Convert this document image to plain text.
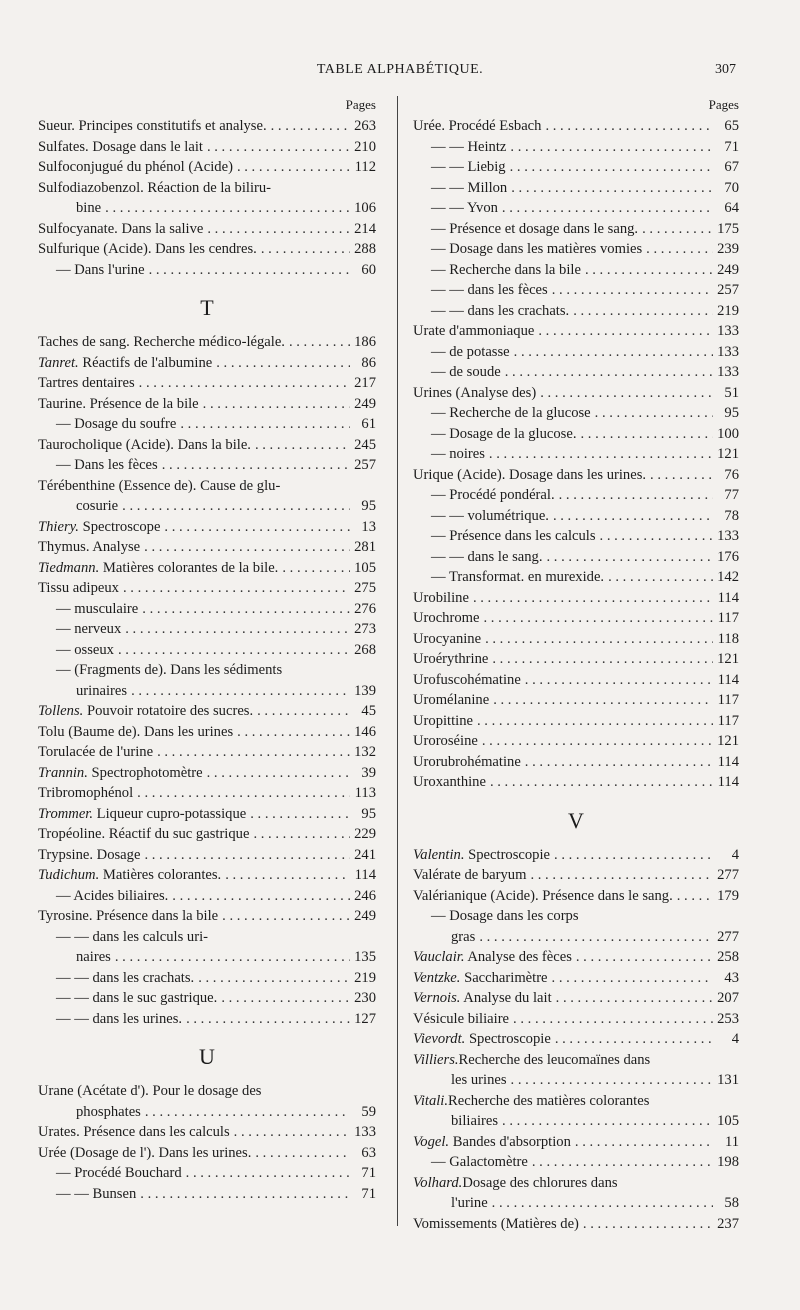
TABLE ALPHABÉTIQUE.	307
Pages
Sueur. Principes constitutifs et analyse. . . .	263
Sulfates. Dosage dans le lait . . .	210
Sulfoconjugué du phénol (Acide) . . .	112
Sulfodiazobenzol. Réaction de la biliru-
bine . . .	106
Sulfocyanate. Dans la salive . . .	214
Sulfurique (Acide). Dans les cendres. . . .	288
— Dans l'urine . . .	60
T
Taches de sang. Recherche médico-légale. . . .	186
Tanret. Réactifs de l'albumine . . .	86
Tartres dentaires . . .	217
Taurine. Présence de la bile . . .	249
— Dosage du soufre . . .	61
Taurocholique (Acide). Dans la bile. . . .	245
— Dans les fèces . . .	257
Térébenthine (Essence de). Cause de glu-
cosurie . . .	95
Thiery. Spectroscope . . .	13
Thymus. Analyse . . .	281
Tiedmann. Matières colorantes de la bile. . . .	105
Tissu adipeux . . .	275
— musculaire . . .	276
— nerveux . . .	273
— osseux . . .	268
— (Fragments de). Dans les sédiments
urinaires . . .	139
Tollens. Pouvoir rotatoire des sucres. . . .	45
Tolu (Baume de). Dans les urines . . .	146
Torulacée de l'urine . . .	132
Trannin. Spectrophotomètre . . .	39
Tribromophénol . . .	113
Trommer. Liqueur cupro-potassique . . .	95
Tropéoline. Réactif du suc gastrique . . .	229
Trypsine. Dosage . . .	241
Tudichum. Matières colorantes. . . .	114
— Acides biliaires. . . .	246
Tyrosine. Présence dans la bile . . .	249
— — dans les calculs uri-
naires . . .	135
— — dans les crachats. . . .	219
— — dans le suc gastrique. . . .	230
— — dans les urines. . . .	127
U
Urane (Acétate d'). Pour le dosage des
phosphates . . .	59
Urates. Présence dans les calculs . . .	133
Urée (Dosage de l'). Dans les urines. . . .	63
— Procédé Bouchard . . .	71
— — Bunsen . . .	71
Pages
Urée. Procédé Esbach . . .	65
— — Heintz . . .	71
— — Liebig . . .	67
— — Millon . . .	70
— — Yvon . . .	64
— Présence et dosage dans le sang. . . .	175
— Dosage dans les matières vomies . . .	239
— Recherche dans la bile . . .	249
— — dans les fèces . . .	257
— — dans les crachats. . . .	219
Urate d'ammoniaque . . .	133
— de potasse . . .	133
— de soude . . .	133
Urines (Analyse des) . . .	51
— Recherche de la glucose . . .	95
— Dosage de la glucose. . . .	100
— noires . . .	121
Urique (Acide). Dosage dans les urines. . . .	76
— Procédé pondéral. . . .	77
— — volumétrique. . . .	78
— Présence dans les calculs . . .	133
— — dans le sang. . . .	176
— Transformat. en murexide. . . .	142
Urobiline . . .	114
Urochrome . . .	117
Urocyanine . . .	118
Uroérythrine . . .	121
Urofuscohématine . . .	114
Uromélanine . . .	117
Uropittine . . .	117
Uroroséine . . .	121
Urorubrohématine . . .	114
Uroxanthine . . .	114
V
Valentin. Spectroscopie . . .	4
Valérate de baryum . . .	277
Valérianique (Acide). Présence dans le sang. . . .	179
— Dosage dans les corps
gras . . .	277
Vauclair. Analyse des fèces . . .	258
Ventzke. Saccharimètre . . .	43
Vernois. Analyse du lait . . .	207
Vésicule biliaire . . .	253
Vievordt. Spectroscopie . . .	4
Villiers. Recherche des leucomaïnes dans
les urines . . .	131
Vitali. Recherche des matières colorantes
biliaires . . .	105
Vogel. Bandes d'absorption . . .	11
— Galactomètre . . .	198
Volhard. Dosage des chlorures dans
l'urine . . .	58
Vomissements (Matières de) . . .	237
